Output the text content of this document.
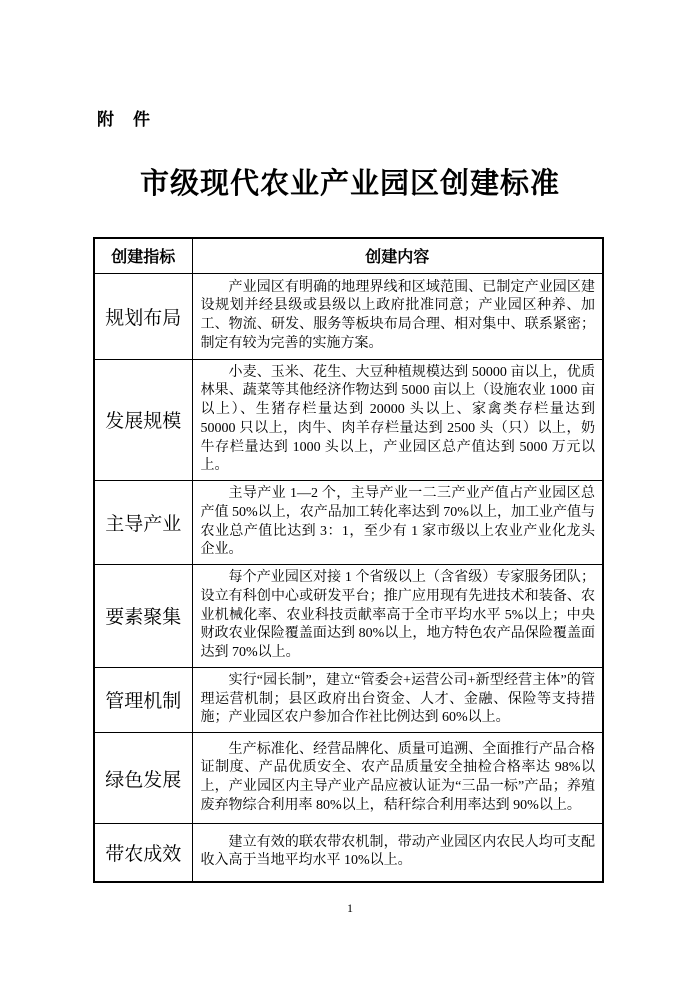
附　件
市级现代农业产业园区创建标准
创建指标	创建内容
规划布局	产业园区有明确的地理界线和区域范围、已制定产业园区建设规划并经县级或县级以上政府批准同意；产业园区种养、加工、物流、研发、服务等板块布局合理、相对集中、联系紧密；制定有较为完善的实施方案。
发展规模	小麦、玉米、花生、大豆种植规模达到 50000 亩以上，优质林果、蔬菜等其他经济作物达到 5000 亩以上（设施农业 1000 亩以上）、生猪存栏量达到 20000 头以上、家禽类存栏量达到 50000 只以上，肉牛、肉羊存栏量达到 2500 头（只）以上，奶牛存栏量达到 1000 头以上，产业园区总产值达到 5000 万元以上。
主导产业	主导产业 1—2 个，主导产业一二三产业产值占产业园区总产值 50%以上，农产品加工转化率达到 70%以上，加工业产值与农业总产值比达到 3：1，至少有 1 家市级以上农业产业化龙头企业。
要素聚集	每个产业园区对接 1 个省级以上（含省级）专家服务团队；设立有科创中心或研发平台；推广应用现有先进技术和装备、农业机械化率、农业科技贡献率高于全市平均水平 5%以上；中央财政农业保险覆盖面达到 80%以上，地方特色农产品保险覆盖面达到 70%以上。
管理机制	实行“园长制”，建立“管委会+运营公司+新型经营主体”的管理运营机制；县区政府出台资金、人才、金融、保险等支持措施；产业园区农户参加合作社比例达到 60%以上。
绿色发展	生产标准化、经营品牌化、质量可追溯、全面推行产品合格证制度、产品优质安全、农产品质量安全抽检合格率达 98%以上，产业园区内主导产业产品应被认证为“三品一标”产品；养殖废弃物综合利用率 80%以上，秸秆综合利用率达到 90%以上。
带农成效	建立有效的联农带农机制，带动产业园区内农民人均可支配收入高于当地平均水平 10%以上。
1
